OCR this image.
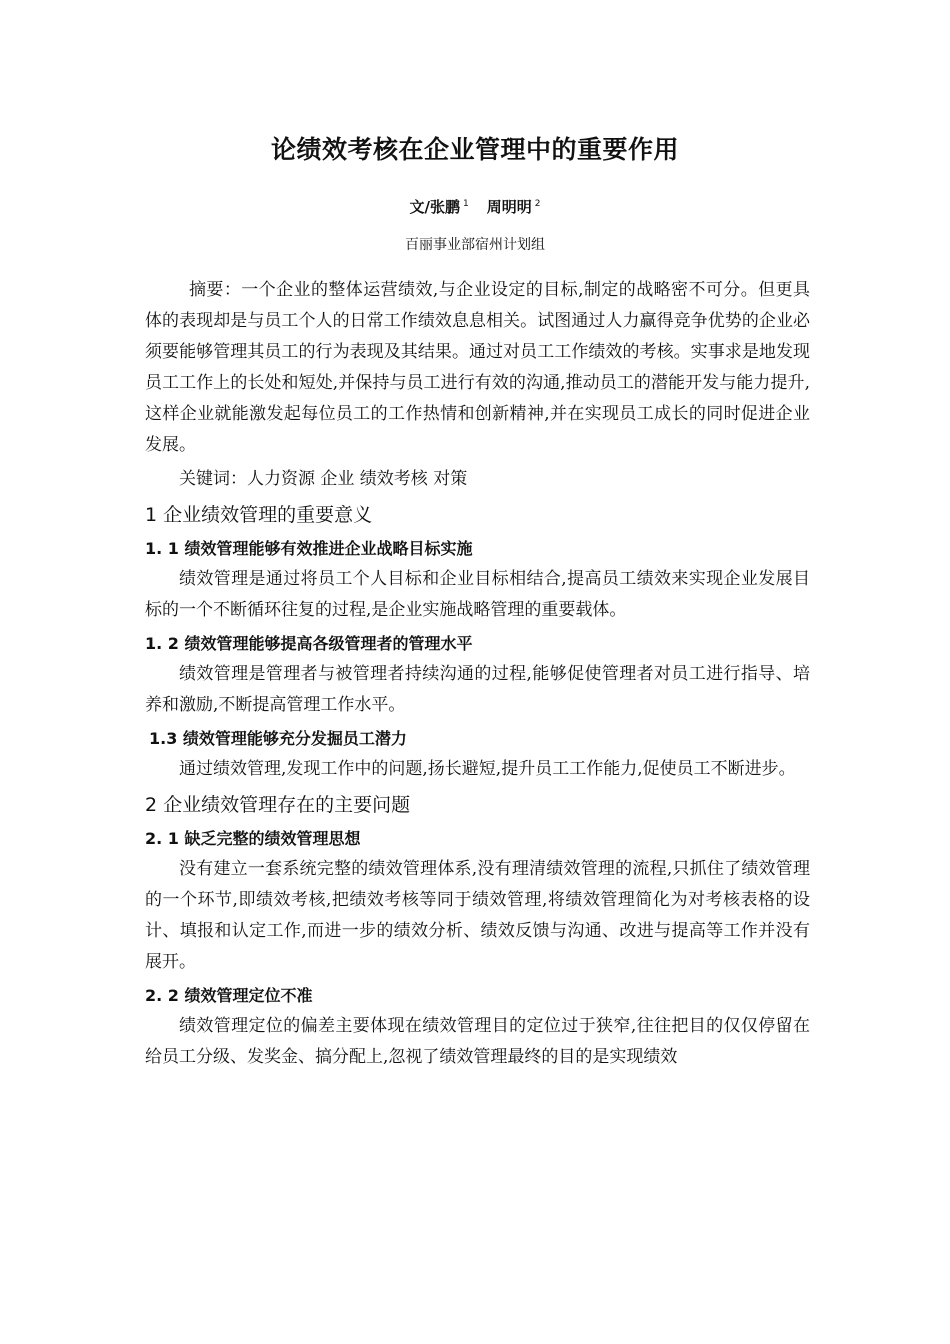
论绩效考核在企业管理中的重要作用
文/张鹏 $^1$ 周明明 $^2$
百丽事业部宿州计划组

摘要：一个企业的整体运营绩效,与企业设定的目标,制定的战略密不可分。但更具体的表现却是与员工个人的日常工作绩效息息相关。试图通过人力赢得竞争优势的企业必须要能够管理其员工的行为表现及其结果。通过对员工工作绩效的考核。实事求是地发现员工工作上的长处和短处,并保持与员工进行有效的沟通,推动员工的潜能开发与能力提升,这样企业就能激发起每位员工的工作热情和创新精神,并在实现员工成长的同时促进企业发展。

关键词：人力资源 企业 绩效考核 对策

1 企业绩效管理的重要意义
1. 1 绩效管理能够有效推进企业战略目标实施

绩效管理是通过将员工个人目标和企业目标相结合,提高员工绩效来实现企业发展目标的一个不断循环往复的过程,是企业实施战略管理的重要载体。

1. 2 绩效管理能够提高各级管理者的管理水平

绩效管理是管理者与被管理者持续沟通的过程,能够促使管理者对员工进行指导、培养和激励,不断提高管理工作水平。

1.3 绩效管理能够充分发掘员工潜力

通过绩效管理,发现工作中的问题,扬长避短,提升员工工作能力,促使员工不断进步。

2 企业绩效管理存在的主要问题
2. 1 缺乏完整的绩效管理思想

没有建立一套系统完整的绩效管理体系,没有理清绩效管理的流程,只抓住了绩效管理的一个环节,即绩效考核,把绩效考核等同于绩效管理,将绩效管理简化为对考核表格的设计、填报和认定工作,而进一步的绩效分析、绩效反馈与沟通、改进与提高等工作并没有展开。

2. 2 绩效管理定位不准

绩效管理定位的偏差主要体现在绩效管理目的定位过于狭窄,往往把目的仅仅停留在给员工分级、发奖金、搞分配上,忽视了绩效管理最终的目的是实现绩效
